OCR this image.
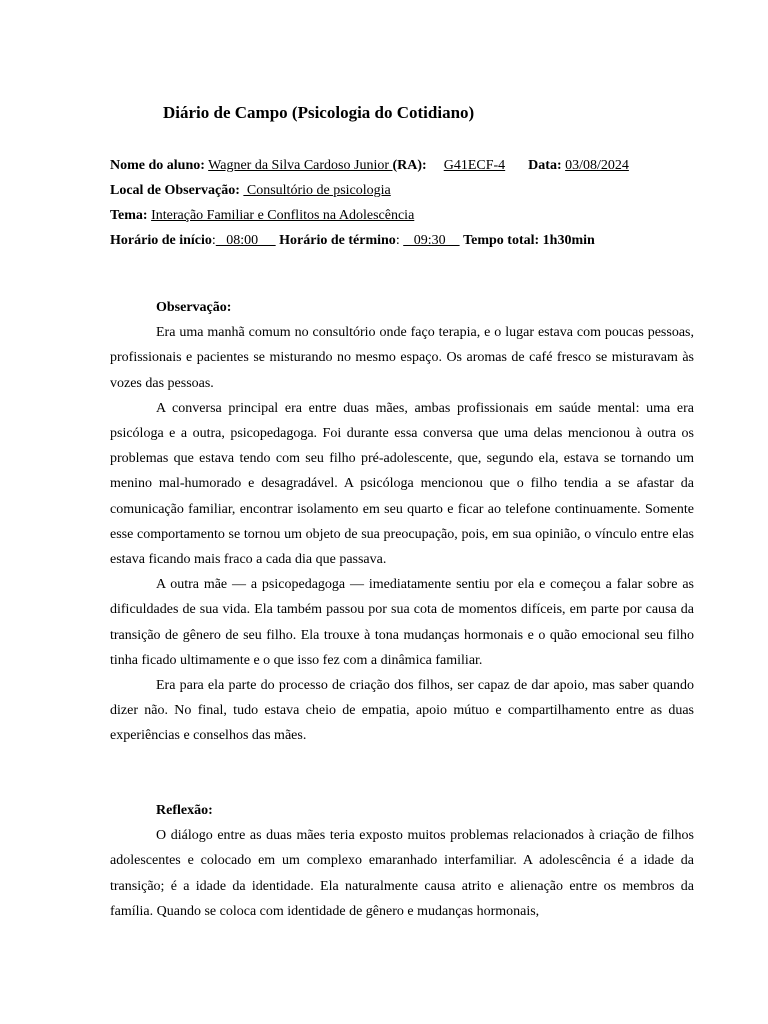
Diário de Campo (Psicologia do Cotidiano)
Nome do aluno: Wagner da Silva Cardoso Junior (RA): G41ECF-4 Data: 03/08/2024
Local de Observação:  Consultório de psicologia
Tema: Interação Familiar e Conflitos na Adolescência
Horário de início:   08:00      Horário de término:    09:30     Tempo total: 1h30min
Observação:

Era uma manhã comum no consultório onde faço terapia, e o lugar estava com poucas pessoas, profissionais e pacientes se misturando no mesmo espaço. Os aromas de café fresco se misturavam às vozes das pessoas.

A conversa principal era entre duas mães, ambas profissionais em saúde mental: uma era psicóloga e a outra, psicopedagoga. Foi durante essa conversa que uma delas mencionou à outra os problemas que estava tendo com seu filho pré-adolescente, que, segundo ela, estava se tornando um menino mal-humorado e desagradável. A psicóloga mencionou que o filho tendia a se afastar da comunicação familiar, encontrar isolamento em seu quarto e ficar ao telefone continuamente. Somente esse comportamento se tornou um objeto de sua preocupação, pois, em sua opinião, o vínculo entre elas estava ficando mais fraco a cada dia que passava.

A outra mãe — a psicopedagoga — imediatamente sentiu por ela e começou a falar sobre as dificuldades de sua vida. Ela também passou por sua cota de momentos difíceis, em parte por causa da transição de gênero de seu filho. Ela trouxe à tona mudanças hormonais e o quão emocional seu filho tinha ficado ultimamente e o que isso fez com a dinâmica familiar.

Era para ela parte do processo de criação dos filhos, ser capaz de dar apoio, mas saber quando dizer não. No final, tudo estava cheio de empatia, apoio mútuo e compartilhamento entre as duas experiências e conselhos das mães.

Reflexão:

O diálogo entre as duas mães teria exposto muitos problemas relacionados à criação de filhos adolescentes e colocado em um complexo emaranhado interfamiliar. A adolescência é a idade da transição; é a idade da identidade. Ela naturalmente causa atrito e alienação entre os membros da família. Quando se coloca com identidade de gênero e mudanças hormonais,
